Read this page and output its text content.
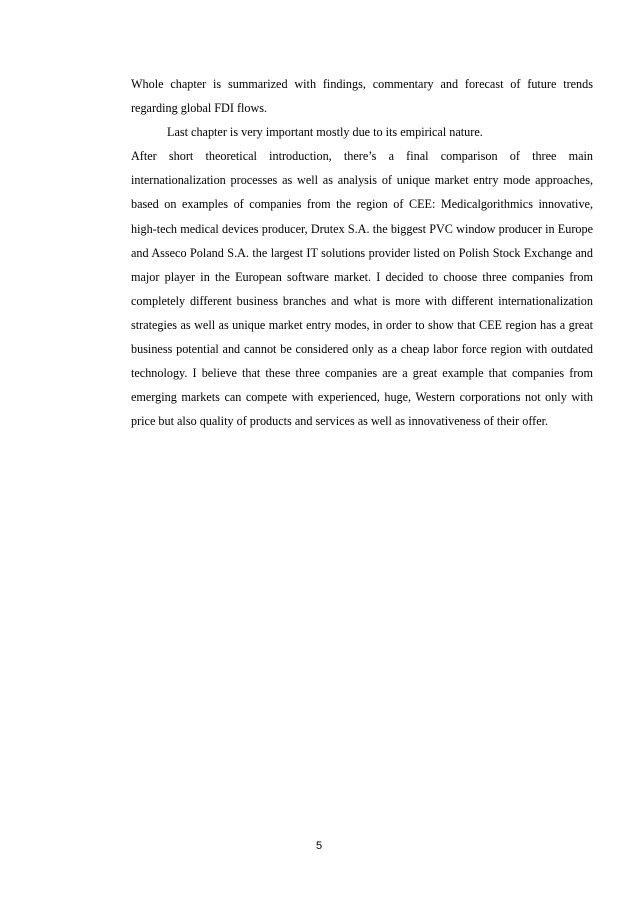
Whole chapter is summarized with findings, commentary and forecast of future trends regarding global FDI flows.

Last chapter is very important mostly due to its empirical nature.

After short theoretical introduction, there’s a final comparison of three main internationalization processes as well as analysis of unique market entry mode approaches, based on examples of companies from the region of CEE: Medicalgorithmics innovative, high-tech medical devices producer, Drutex S.A. the biggest PVC window producer in Europe and Asseco Poland S.A. the largest IT solutions provider listed on Polish Stock Exchange and major player in the European software market. I decided to choose three companies from completely different business branches and what is more with different internationalization strategies as well as unique market entry modes, in order to show that CEE region has a great business potential and cannot be considered only as a cheap labor force region with outdated technology. I believe that these three companies are a great example that companies from emerging markets can compete with experienced, huge, Western corporations not only with price but also quality of products and services as well as innovativeness of their offer.

5
